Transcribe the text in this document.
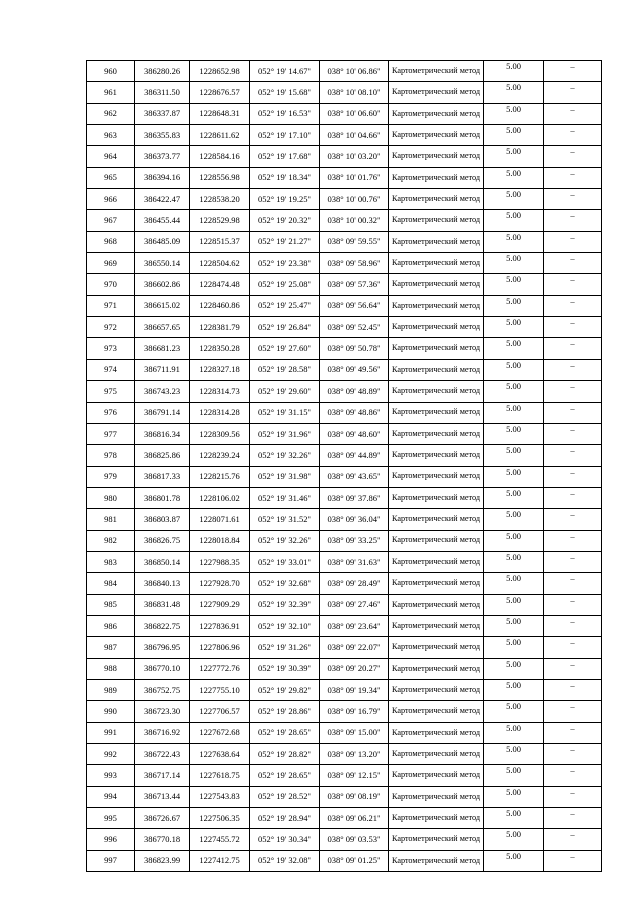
960	386280.26	1228652.98	052° 19' 14.67"	038° 10' 06.86"	Картометрический метод	5.00	–
961	386311.50	1228676.57	052° 19' 15.68"	038° 10' 08.10"	Картометрический метод	5.00	–
962	386337.87	1228648.31	052° 19' 16.53"	038° 10' 06.60"	Картометрический метод	5.00	–
963	386355.83	1228611.62	052° 19' 17.10"	038° 10' 04.66"	Картометрический метод	5.00	–
964	386373.77	1228584.16	052° 19' 17.68"	038° 10' 03.20"	Картометрический метод	5.00	–
965	386394.16	1228556.98	052° 19' 18.34"	038° 10' 01.76"	Картометрический метод	5.00	–
966	386422.47	1228538.20	052° 19' 19.25"	038° 10' 00.76"	Картометрический метод	5.00	–
967	386455.44	1228529.98	052° 19' 20.32"	038° 10' 00.32"	Картометрический метод	5.00	–
968	386485.09	1228515.37	052° 19' 21.27"	038° 09' 59.55"	Картометрический метод	5.00	–
969	386550.14	1228504.62	052° 19' 23.38"	038° 09' 58.96"	Картометрический метод	5.00	–
970	386602.86	1228474.48	052° 19' 25.08"	038° 09' 57.36"	Картометрический метод	5.00	–
971	386615.02	1228460.86	052° 19' 25.47"	038° 09' 56.64"	Картометрический метод	5.00	–
972	386657.65	1228381.79	052° 19' 26.84"	038° 09' 52.45"	Картометрический метод	5.00	–
973	386681.23	1228350.28	052° 19' 27.60"	038° 09' 50.78"	Картометрический метод	5.00	–
974	386711.91	1228327.18	052° 19' 28.58"	038° 09' 49.56"	Картометрический метод	5.00	–
975	386743.23	1228314.73	052° 19' 29.60"	038° 09' 48.89"	Картометрический метод	5.00	–
976	386791.14	1228314.28	052° 19' 31.15"	038° 09' 48.86"	Картометрический метод	5.00	–
977	386816.34	1228309.56	052° 19' 31.96"	038° 09' 48.60"	Картометрический метод	5.00	–
978	386825.86	1228239.24	052° 19' 32.26"	038° 09' 44.89"	Картометрический метод	5.00	–
979	386817.33	1228215.76	052° 19' 31.98"	038° 09' 43.65"	Картометрический метод	5.00	–
980	386801.78	1228106.02	052° 19' 31.46"	038° 09' 37.86"	Картометрический метод	5.00	–
981	386803.87	1228071.61	052° 19' 31.52"	038° 09' 36.04"	Картометрический метод	5.00	–
982	386826.75	1228018.84	052° 19' 32.26"	038° 09' 33.25"	Картометрический метод	5.00	–
983	386850.14	1227988.35	052° 19' 33.01"	038° 09' 31.63"	Картометрический метод	5.00	–
984	386840.13	1227928.70	052° 19' 32.68"	038° 09' 28.49"	Картометрический метод	5.00	–
985	386831.48	1227909.29	052° 19' 32.39"	038° 09' 27.46"	Картометрический метод	5.00	–
986	386822.75	1227836.91	052° 19' 32.10"	038° 09' 23.64"	Картометрический метод	5.00	–
987	386796.95	1227806.96	052° 19' 31.26"	038° 09' 22.07"	Картометрический метод	5.00	–
988	386770.10	1227772.76	052° 19' 30.39"	038° 09' 20.27"	Картометрический метод	5.00	–
989	386752.75	1227755.10	052° 19' 29.82"	038° 09' 19.34"	Картометрический метод	5.00	–
990	386723.30	1227706.57	052° 19' 28.86"	038° 09' 16.79"	Картометрический метод	5.00	–
991	386716.92	1227672.68	052° 19' 28.65"	038° 09' 15.00"	Картометрический метод	5.00	–
992	386722.43	1227638.64	052° 19' 28.82"	038° 09' 13.20"	Картометрический метод	5.00	–
993	386717.14	1227618.75	052° 19' 28.65"	038° 09' 12.15"	Картометрический метод	5.00	–
994	386713.44	1227543.83	052° 19' 28.52"	038° 09' 08.19"	Картометрический метод	5.00	–
995	386726.67	1227506.35	052° 19' 28.94"	038° 09' 06.21"	Картометрический метод	5.00	–
996	386770.18	1227455.72	052° 19' 30.34"	038° 09' 03.53"	Картометрический метод	5.00	–
997	386823.99	1227412.75	052° 19' 32.08"	038° 09' 01.25"	Картометрический метод	5.00	–
